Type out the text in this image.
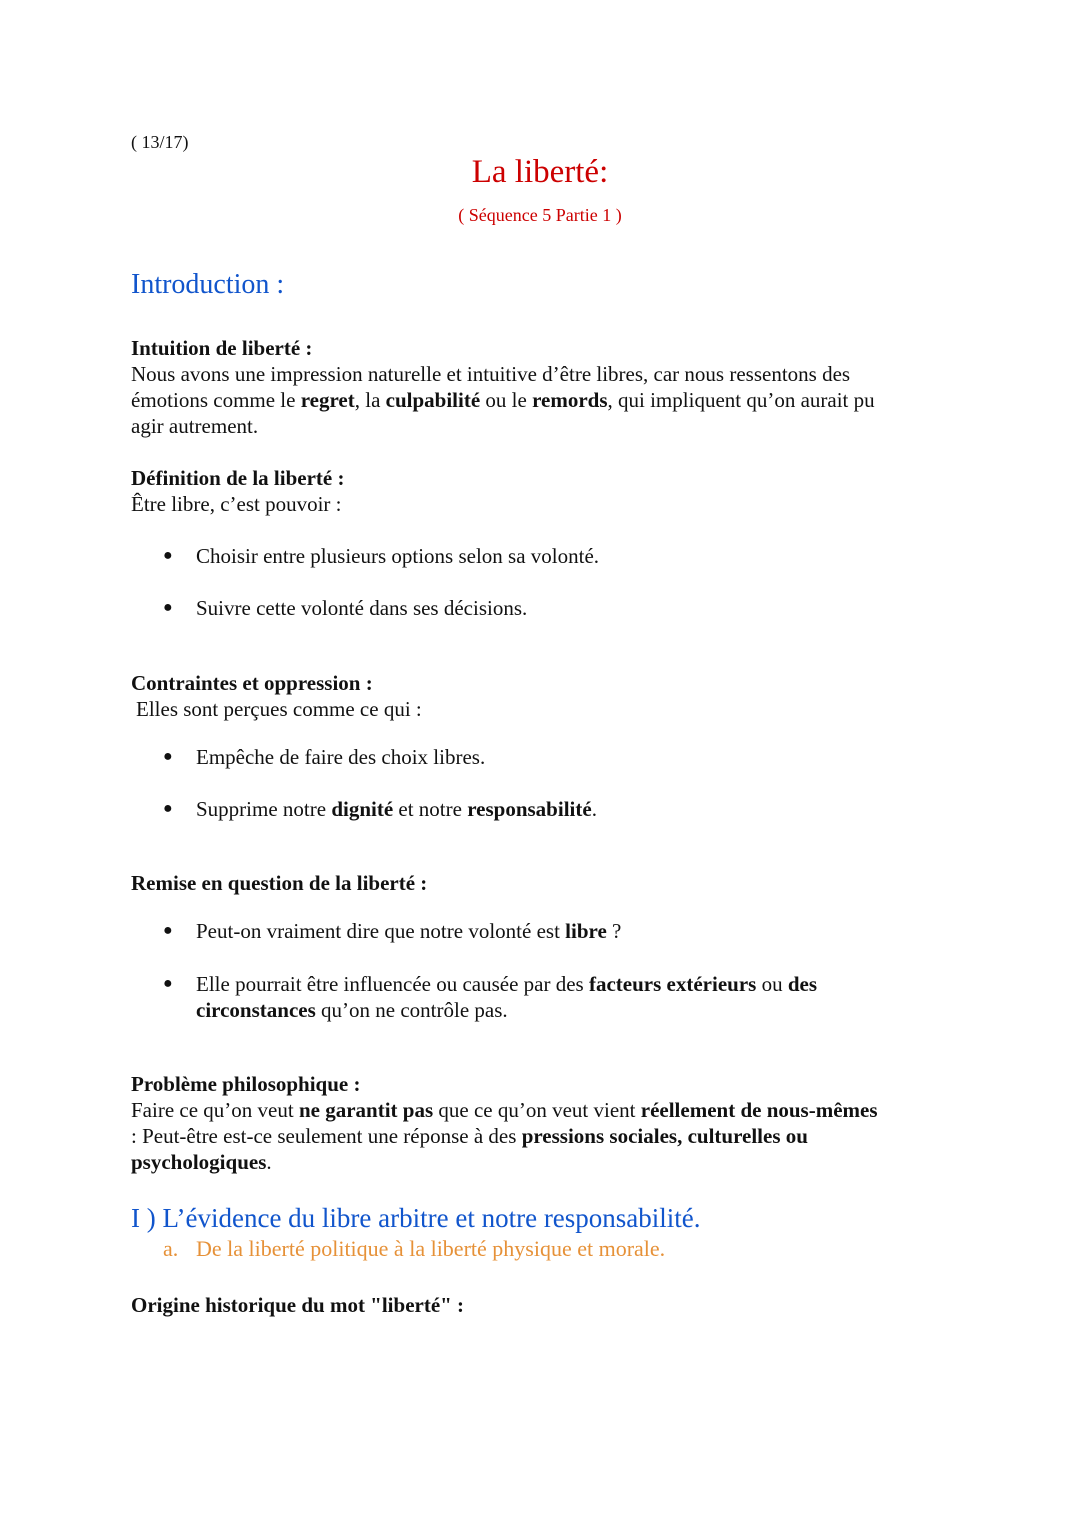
( 13/17)
La liberté:
( Séquence 5 Partie 1 )
Introduction :
Intuition de liberté :
Nous avons une impression naturelle et intuitive d’être libres, car nous ressentons des
émotions comme le regret, la culpabilité ou le remords, qui impliquent qu’on aurait pu
agir autrement.
Définition de la liberté :
Être libre, c’est pouvoir :
● Choisir entre plusieurs options selon sa volonté.
● Suivre cette volonté dans ses décisions.
Contraintes et oppression :
Elles sont perçues comme ce qui :
● Empêche de faire des choix libres.
● Supprime notre dignité et notre responsabilité.
Remise en question de la liberté :
● Peut-on vraiment dire que notre volonté est libre ?
● Elle pourrait être influencée ou causée par des facteurs extérieurs ou des
circonstances qu’on ne contrôle pas.
Problème philosophique :
Faire ce qu’on veut ne garantit pas que ce qu’on veut vient réellement de nous-mêmes
: Peut-être est-ce seulement une réponse à des pressions sociales, culturelles ou
psychologiques.
I ) L’évidence du libre arbitre et notre responsabilité.
a. De la liberté politique à la liberté physique et morale.
Origine historique du mot "liberté" :
